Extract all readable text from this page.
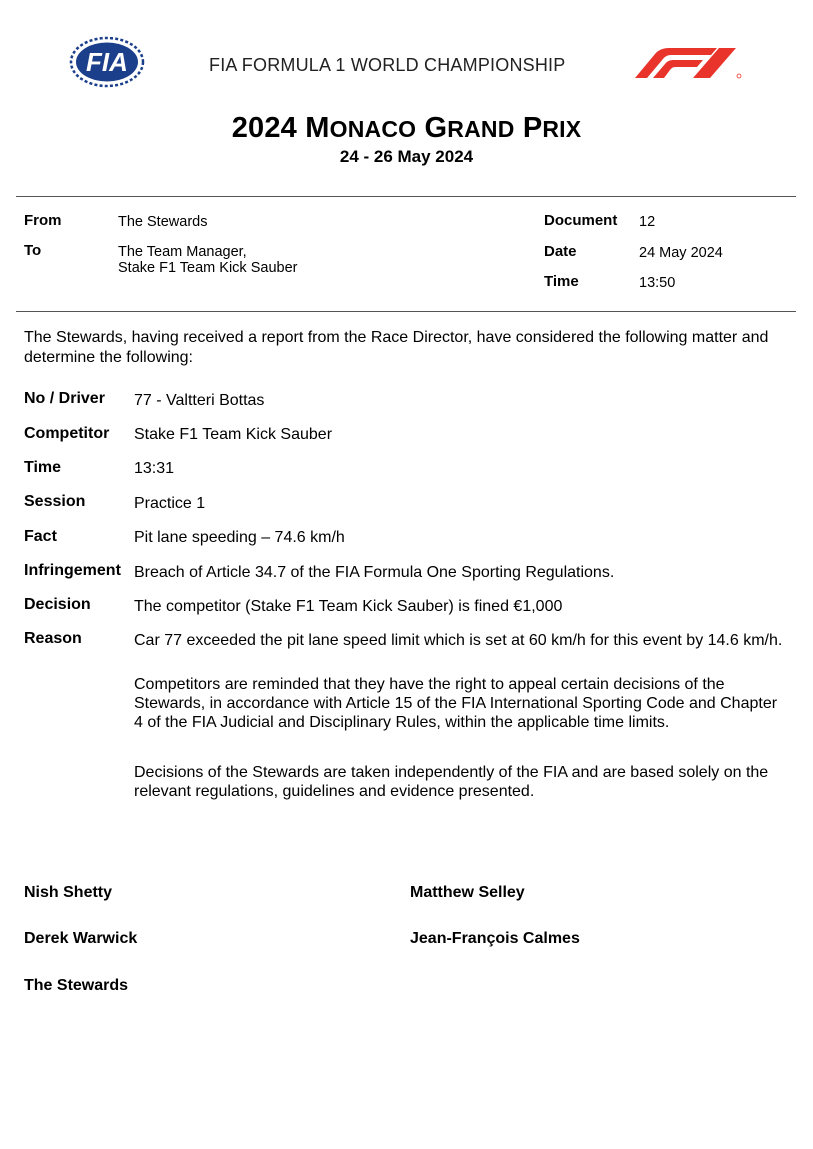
FIA	FIA FORMULA 1 WORLD CHAMPIONSHIP
2024 MONACO GRAND PRIX
24 - 26 May 2024
From	The Stewards
To	The Team Manager,
Stake F1 Team Kick Sauber
Document 12
Date	24 May 2024
Time	13:50
The Stewards, having received a report from the Race Director, have considered the following matter and determine the following:
No / Driver 77 - Valtteri Bottas
Competitor Stake F1 Team Kick Sauber
Time	13:31
Session	Practice 1
Fact	Pit lane speeding – 74.6 km/h
Infringement Breach of Article 34.7 of the FIA Formula One Sporting Regulations.
Decision	The competitor (Stake F1 Team Kick Sauber) is fined €1,000
Reason	Car 77 exceeded the pit lane speed limit which is set at 60 km/h for this event by 14.6 km/h.
Competitors are reminded that they have the right to appeal certain decisions of the Stewards, in accordance with Article 15 of the FIA International Sporting Code and Chapter 4 of the FIA Judicial and Disciplinary Rules, within the applicable time limits.
Decisions of the Stewards are taken independently of the FIA and are based solely on the relevant regulations, guidelines and evidence presented.
Nish Shetty	Matthew Selley
Derek Warwick	Jean-François Calmes
The Stewards
